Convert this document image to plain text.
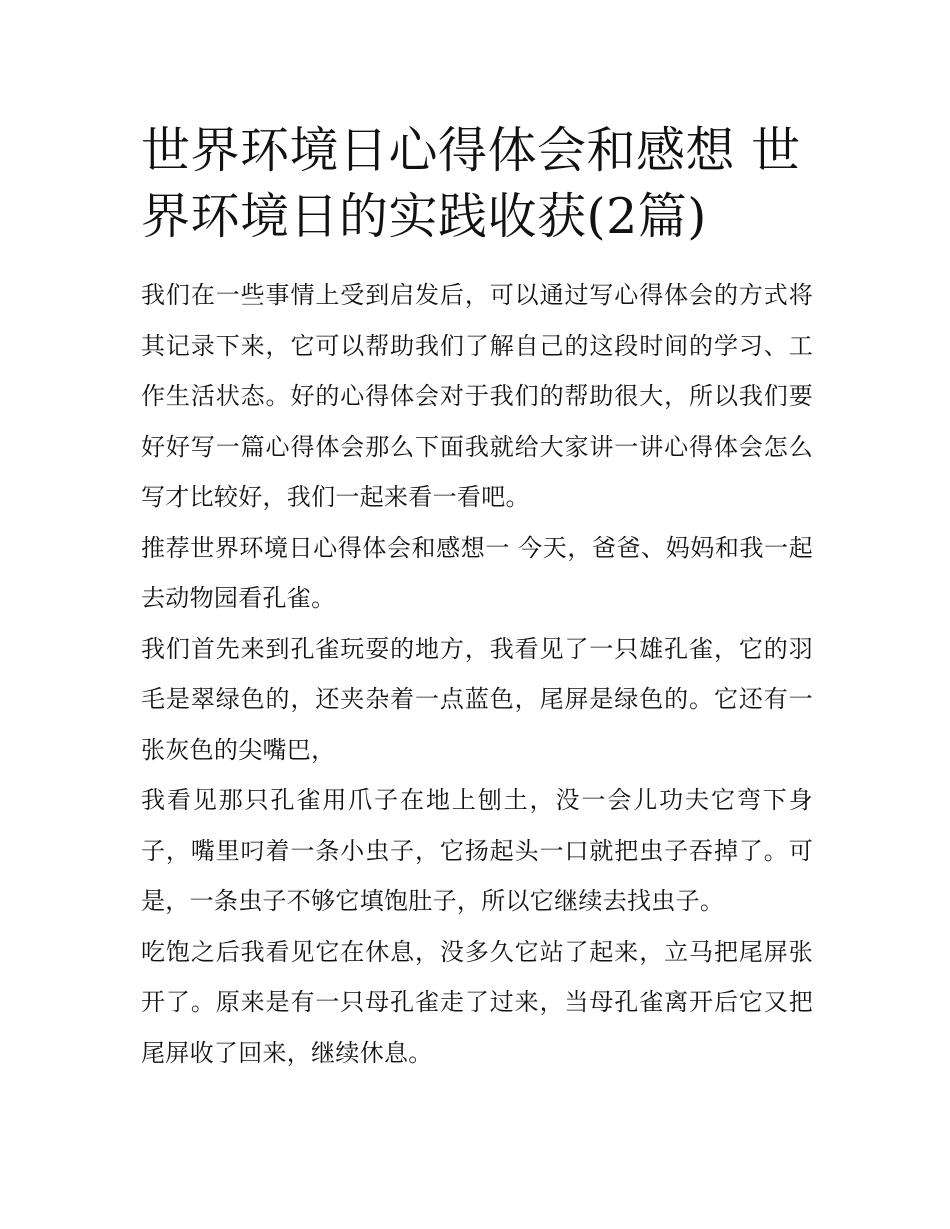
世界环境日心得体会和感想 世界环境日的实践收获(2篇)

我们在一些事情上受到启发后，可以通过写心得体会的方式将其记录下来，它可以帮助我们了解自己的这段时间的学习、工作生活状态。好的心得体会对于我们的帮助很大，所以我们要好好写一篇心得体会那么下面我就给大家讲一讲心得体会怎么写才比较好，我们一起来看一看吧。

推荐世界环境日心得体会和感想一 今天，爸爸、妈妈和我一起去动物园看孔雀。

我们首先来到孔雀玩耍的地方，我看见了一只雄孔雀，它的羽毛是翠绿色的，还夹杂着一点蓝色，尾屏是绿色的。它还有一张灰色的尖嘴巴，

我看见那只孔雀用爪子在地上刨土，没一会儿功夫它弯下身子，嘴里叼着一条小虫子，它扬起头一口就把虫子吞掉了。可是，一条虫子不够它填饱肚子，所以它继续去找虫子。

吃饱之后我看见它在休息，没多久它站了起来，立马把尾屏张开了。原来是有一只母孔雀走了过来，当母孔雀离开后它又把尾屏收了回来，继续休息。
